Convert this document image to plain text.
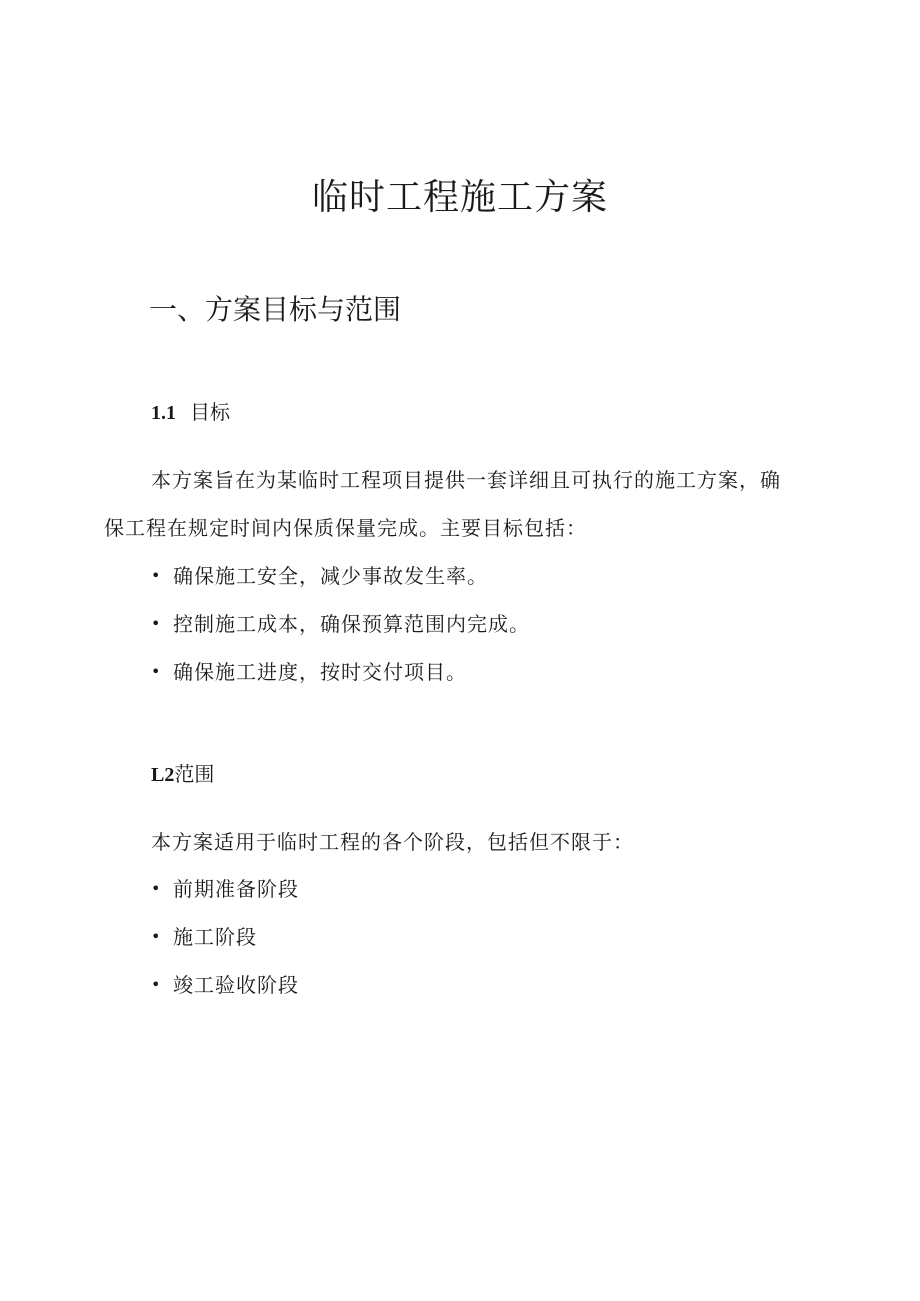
临时工程施工方案
一、方案目标与范围
1.1 目标
本方案旨在为某临时工程项目提供一套详细且可执行的施工方案，确保工程在规定时间内保质保量完成。主要目标包括：
• 确保施工安全，减少事故发生率。
• 控制施工成本，确保预算范围内完成。
• 确保施工进度，按时交付项目。
L2范围
本方案适用于临时工程的各个阶段，包括但不限于：
• 前期准备阶段
• 施工阶段
• 竣工验收阶段
